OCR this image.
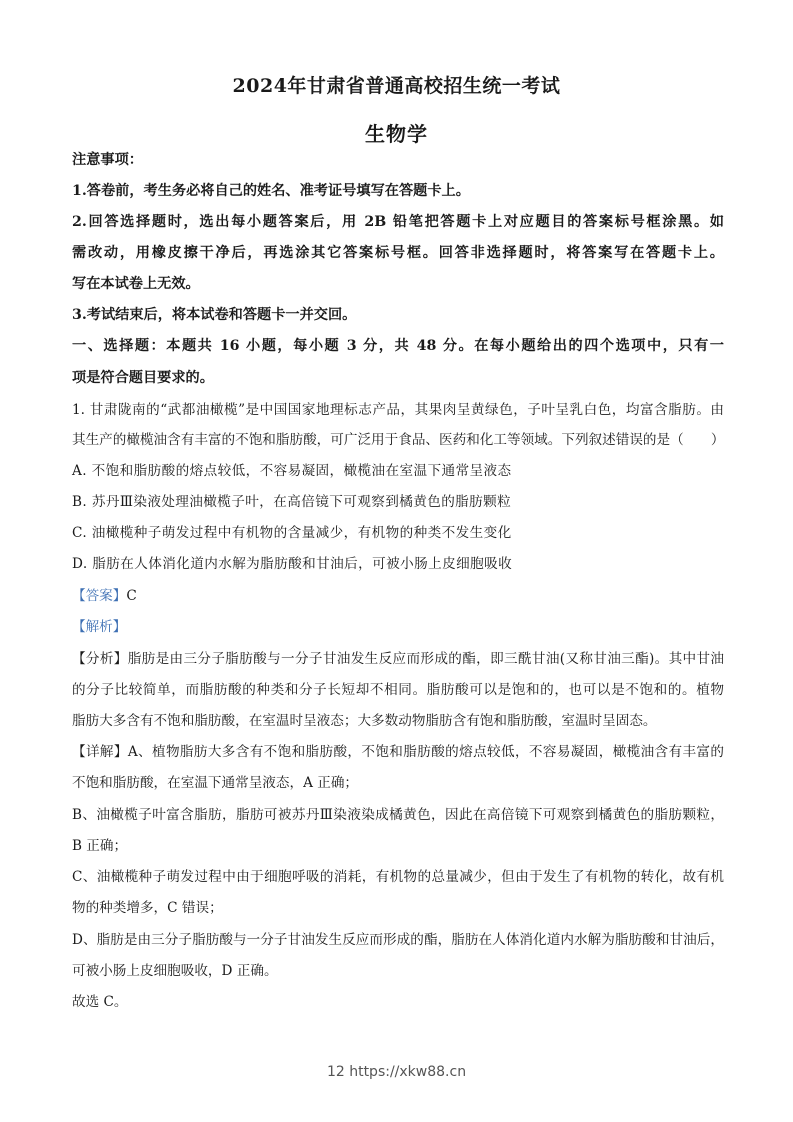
2024年甘肃省普通高校招生统一考试
生物学
注意事项：
1.答卷前，考生务必将自己的姓名、准考证号填写在答题卡上。
2.回答选择题时，选出每小题答案后，用 2B 铅笔把答题卡上对应题目的答案标号框涂黑。如
需改动，用橡皮擦干净后，再选涂其它答案标号框。回答非选择题时，将答案写在答题卡上。
写在本试卷上无效。
3.考试结束后，将本试卷和答题卡一并交回。
一、选择题：本题共 16 小题，每小题 3 分，共 48 分。在每小题给出的四个选项中，只有一
项是符合题目要求的。
1. 甘肃陇南的“武都油橄榄”是中国国家地理标志产品，其果肉呈黄绿色，子叶呈乳白色，均富含脂肪。由
其生产的橄榄油含有丰富的不饱和脂肪酸，可广泛用于食品、医药和化工等领域。下列叙述错误的是（　　）
A. 不饱和脂肪酸的熔点较低，不容易凝固，橄榄油在室温下通常呈液态
B. 苏丹Ⅲ染液处理油橄榄子叶，在高倍镜下可观察到橘黄色的脂肪颗粒
C. 油橄榄种子萌发过程中有机物的含量减少，有机物的种类不发生变化
D. 脂肪在人体消化道内水解为脂肪酸和甘油后，可被小肠上皮细胞吸收
【答案】C
【解析】
【分析】脂肪是由三分子脂肪酸与一分子甘油发生反应而形成的酯，即三酰甘油(又称甘油三酯)。其中甘油
的分子比较简单，而脂肪酸的种类和分子长短却不相同。脂肪酸可以是饱和的，也可以是不饱和的。植物
脂肪大多含有不饱和脂肪酸，在室温时呈液态；大多数动物脂肪含有饱和脂肪酸，室温时呈固态。
【详解】A、植物脂肪大多含有不饱和脂肪酸，不饱和脂肪酸的熔点较低，不容易凝固，橄榄油含有丰富的
不饱和脂肪酸，在室温下通常呈液态，A 正确；
B、油橄榄子叶富含脂肪，脂肪可被苏丹Ⅲ染液染成橘黄色，因此在高倍镜下可观察到橘黄色的脂肪颗粒，
B 正确；
C、油橄榄种子萌发过程中由于细胞呼吸的消耗，有机物的总量减少，但由于发生了有机物的转化，故有机
物的种类增多，C 错误；
D、脂肪是由三分子脂肪酸与一分子甘油发生反应而形成的酯，脂肪在人体消化道内水解为脂肪酸和甘油后，
可被小肠上皮细胞吸收，D 正确。
故选 C。
12 https://xkw88.cn
